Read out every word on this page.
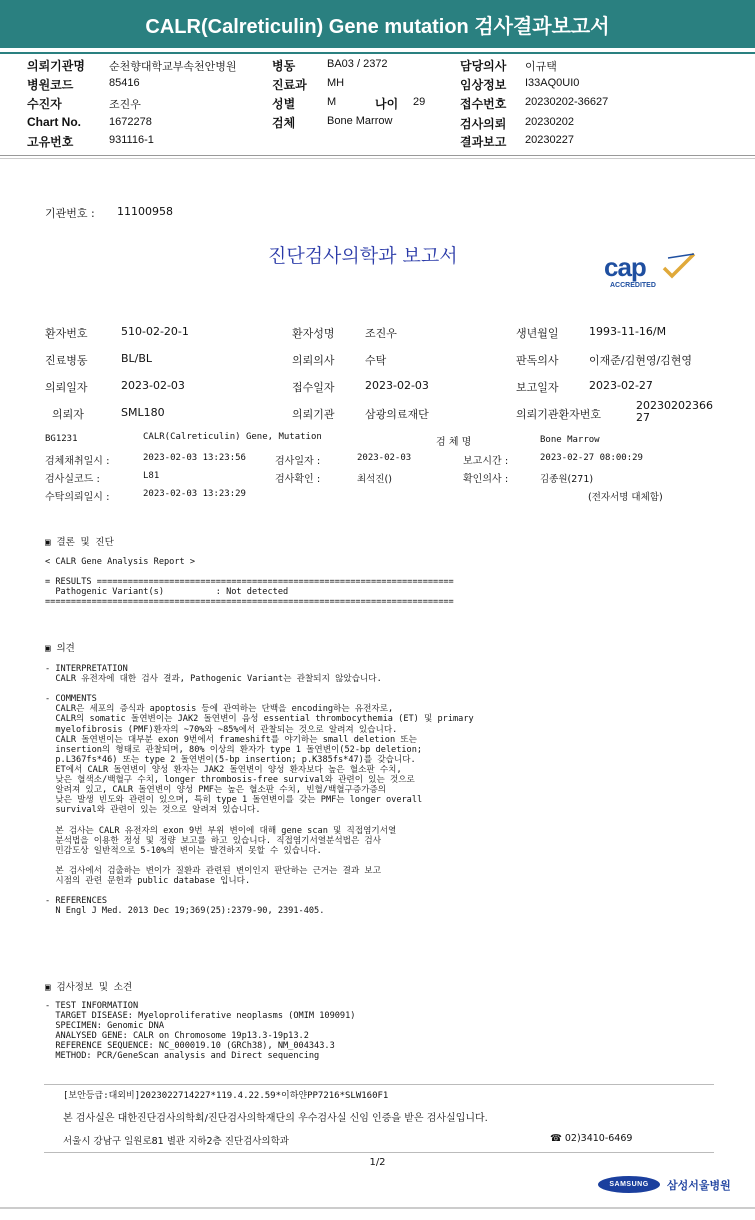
CALR(Calreticulin) Gene mutation 검사결과보고서
의뢰기관명 순천향대학교부속천안병원
병원코드	85416
수진자	조진우
Chart No.	1672278
고유번호	931116-1
병동	BA03 / 2372
진료과 MH
성별	M	나이 29
검체	Bone Marrow
담당의사 이규택
임상정보 I33AQ0UI0
접수번호 20230202-36627
검사의뢰 20230202
결과보고 20230227
기관번호 : 11100958
진단검사의학과 보고서	cap
ACCREDITED
환자번호	510-02-20-1
진료병동	BL/BL
의뢰일자	2023-02-03
의뢰자	SML180
환자성명	조진우
의뢰의사	수탁
접수일자	2023-02-03
의뢰기관	삼광의료재단
생년월일	1993-11-16/M
판독의사	이재준/김현영/김현영
보고일자	2023-02-27
의뢰기관환자번호
2023020236627
BG1231	CALR(Calreticulin) Gene, Mutation	검 체 명	Bone Marrow
검체채취일시 :	2023-02-03 13:23:56	검사일자 :	2023-02-03	보고시간 :	2023-02-27 08:00:29
검사실코드 :	L81	검사확인 :	최석진()	확인의사 :	김종원(271)
수탁의뢰일시 :	2023-02-03 13:23:29	(전자서명 대체함)
▣ 결론 및 진단
< CALR Gene Analysis Report >

= RESULTS =====================================================================
Pathogenic Variant(s)          : Not detected
===============================================================================
▣ 의견
- INTERPRETATION
CALR 유전자에 대한 검사 결과, Pathogenic Variant는 관찰되지 않았습니다.

- COMMENTS
CALR은 세포의 증식과 apoptosis 등에 관여하는 단백을 encoding하는 유전자로,
CALR의 somatic 돌연변이는 JAK2 돌연변이 음성 essential thrombocythemia (ET) 및 primary
myelofibrosis (PMF)환자의 ~70%와 ~85%에서 관찰되는 것으로 알려져 있습니다.
CALR 돌연변이는 대부분 exon 9번에서 frameshift를 야기하는 small deletion 또는
insertion의 형태로 관찰되며, 80% 이상의 환자가 type 1 돌연변이(52-bp deletion;
p.L367fs*46) 또는 type 2 돌연변이(5-bp insertion; p.K385fs*47)를 갖습니다.
ET에서 CALR 돌연변이 양성 환자는 JAK2 돌연변이 양성 환자보다 높은 혈소판 수치,
낮은 혈색소/백혈구 수치, longer thrombosis-free survival와 관련이 있는 것으로
알려져 있고, CALR 돌연변이 양성 PMF는 높은 혈소판 수치, 빈혈/백혈구증가증의
낮은 발생 빈도와 관련이 있으며, 특히 type 1 돌연변이를 갖는 PMF는 longer overall
survival와 관련이 있는 것으로 알려져 있습니다.

본 검사는 CALR 유전자의 exon 9번 부위 변이에 대해 gene scan 및 직접염기서열
분석법을 이용한 정성 및 정량 보고를 하고 있습니다. 직접염기서열분석법은 검사
민감도상 일반적으로 5-10%의 변이는 발견하지 못할 수 있습니다.

본 검사에서 검출하는 변이가 질환과 관련된 변이인지 판단하는 근거는 결과 보고
시점의 관련 문헌과 public database 입니다.

- REFERENCES
N Engl J Med. 2013 Dec 19;369(25):2379-90, 2391-405.
▣ 검사정보 및 소견
- TEST INFORMATION
TARGET DISEASE: Myeloproliferative neoplasms (OMIM 109091)
SPECIMEN: Genomic DNA
ANALYSED GENE: CALR on Chromosome 19p13.3-19p13.2
REFERENCE SEQUENCE: NC_000019.10 (GRCh38), NM_004343.3
METHOD: PCR/GeneScan analysis and Direct sequencing
[보안등급:대외비]2023022714227*119.4.22.59*이하얀PP7216*SLW160F1
본 검사실은 대한진단검사의학회/진단검사의학재단의 우수검사실 신임 인증을 받은 검사실입니다.
서울시 강남구 일원로81 별관 지하2층 진단검사의학과	☎ 02)3410-6469
1/2
SAMSUNG	삼성서울병원
